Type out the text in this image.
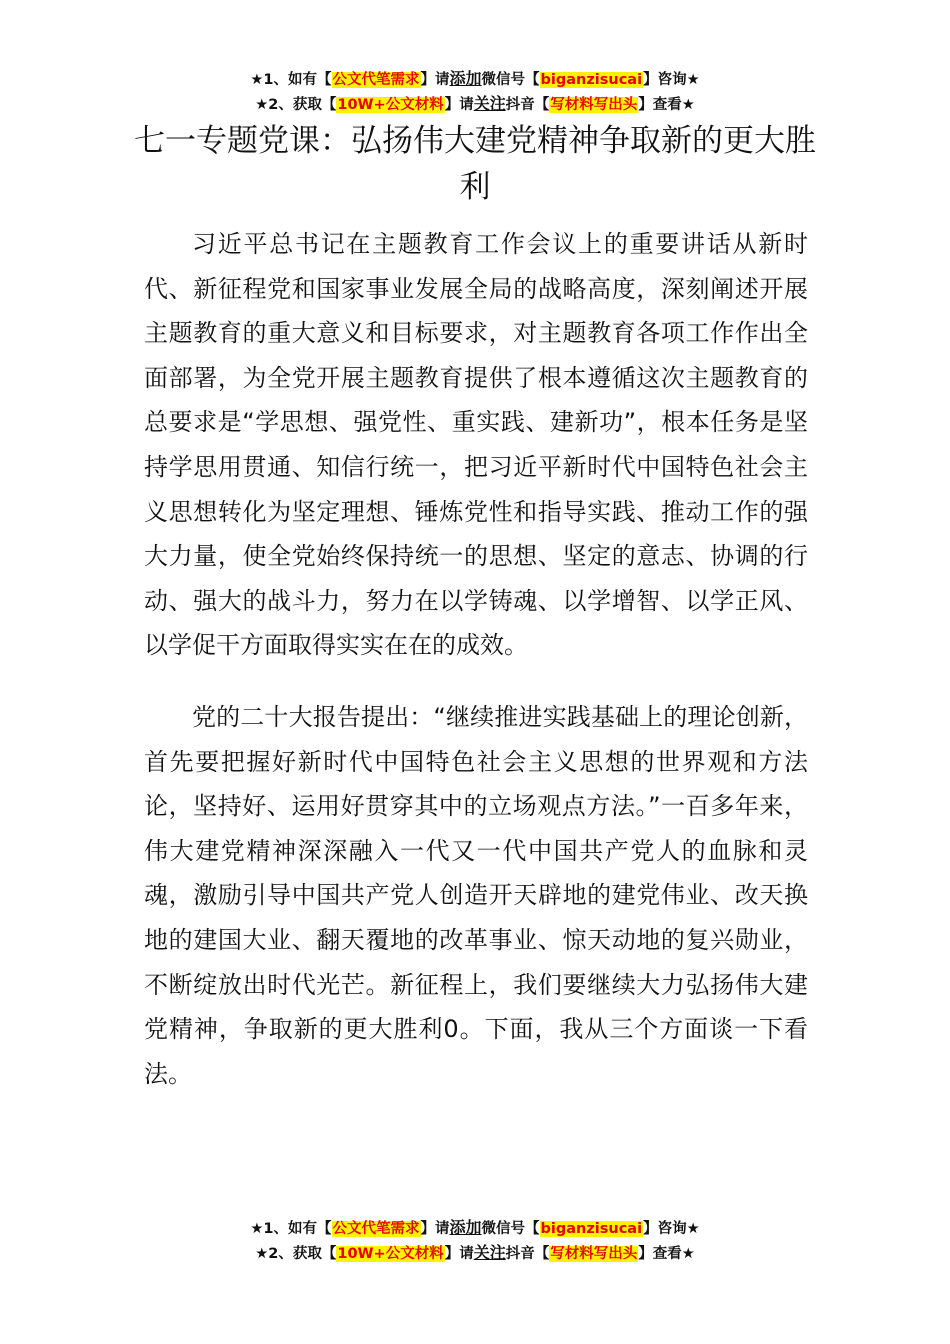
★1、如有【公文代笔需求】请添加微信号【biganzisucai】咨询★
★2、获取【10W+公文材料】请关注抖音【写材料写出头】查看★
七一专题党课：弘扬伟大建党精神争取新的更大胜利

习近平总书记在主题教育工作会议上的重要讲话从新时代、新征程党和国家事业发展全局的战略高度，深刻阐述开展主题教育的重大意义和目标要求，对主题教育各项工作作出全面部署，为全党开展主题教育提供了根本遵循这次主题教育的总要求是“学思想、强党性、重实践、建新功”，根本任务是坚持学思用贯通、知信行统一，把习近平新时代中国特色社会主义思想转化为坚定理想、锤炼党性和指导实践、推动工作的强大力量，使全党始终保持统一的思想、坚定的意志、协调的行动、强大的战斗力，努力在以学铸魂、以学增智、以学正风、以学促干方面取得实实在在的成效。

党的二十大报告提出：“继续推进实践基础上的理论创新，首先要把握好新时代中国特色社会主义思想的世界观和方法论，坚持好、运用好贯穿其中的立场观点方法。”一百多年来，伟大建党精神深深融入一代又一代中国共产党人的血脉和灵魂，激励引导中国共产党人创造开天辟地的建党伟业、改天换地的建国大业、翻天覆地的改革事业、惊天动地的复兴勋业，不断绽放出时代光芒。新征程上，我们要继续大力弘扬伟大建党精神，争取新的更大胜利0。下面，我从三个方面谈一下看法。

★1、如有【公文代笔需求】请添加微信号【biganzisucai】咨询★
★2、获取【10W+公文材料】请关注抖音【写材料写出头】查看★
